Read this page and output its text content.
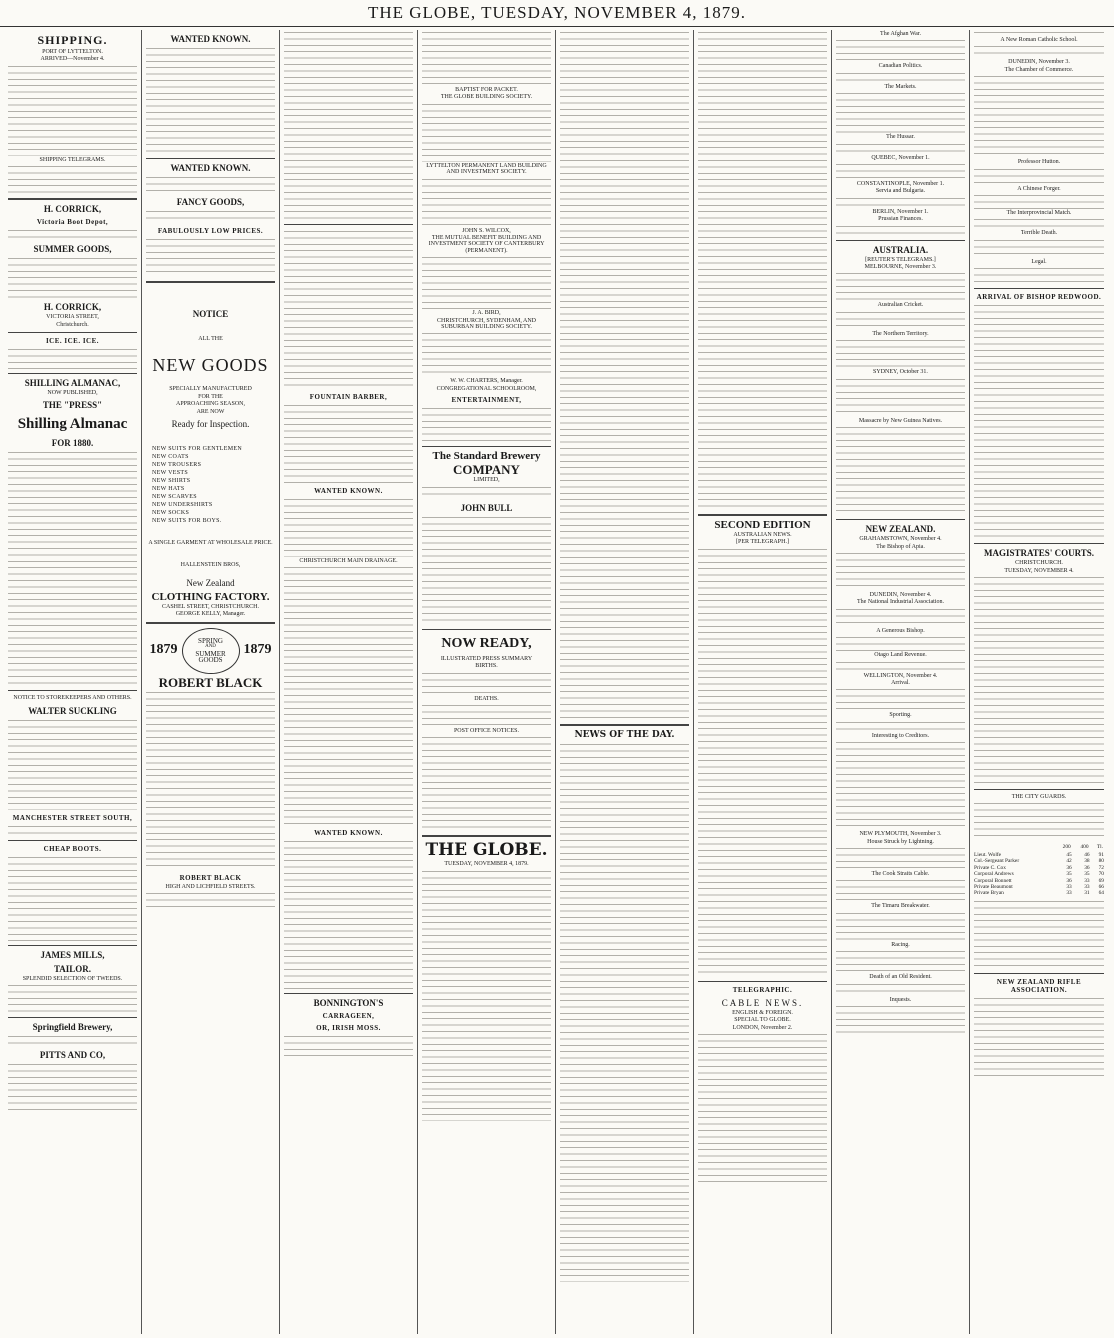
THE GLOBE, TUESDAY, NOVEMBER 4, 1879.
SHIPPING.
PORT OF LYTTELTON.
ARRIVED—November 4.
SHIPPING TELEGRAMS.
H. CORRICK,
Victoria Boot Depot,
SUMMER GOODS,
H. CORRICK,
VICTORIA STREET,
Christchurch.
ICE. ICE. ICE.
SHILLING ALMANAC,
NOW PUBLISHED,
THE "PRESS"
Shilling Almanac
FOR 1880.
NOTICE TO STOREKEEPERS AND OTHERS.
WALTER SUCKLING
MANCHESTER STREET SOUTH,
CHEAP BOOTS.
JAMES MILLS,
TAILOR.
SPLENDID SELECTION OF TWEEDS.
Springfield Brewery,
PITTS AND CO,
WANTED KNOWN.
WANTED KNOWN.
FANCY GOODS,
FABULOUSLY LOW PRICES.
NOTICE
ALL THE
NEW GOODS
SPECIALLY MANUFACTURED
FOR THE
APPROACHING SEASON,
ARE NOW
Ready for Inspection.
NEW SUITS FOR GENTLEMEN
NEW COATS
NEW TROUSERS
NEW VESTS
NEW SHIRTS
NEW HATS
NEW SCARVES
NEW UNDERSHIRTS
NEW SOCKS
NEW SUITS FOR BOYS.
A SINGLE GARMENT AT WHOLESALE PRICE.
HALLENSTEIN BROS,
New Zealand
CLOTHING FACTORY.
CASHEL STREET, CHRISTCHURCH.
GEORGE KELLY, Manager.
1879
SPRING
AND
SUMMER
GOODS
1879
ROBERT BLACK
ROBERT BLACK
HIGH AND LICHFIELD STREETS.
FOUNTAIN BARBER,
WANTED KNOWN.
CHRISTCHURCH MAIN DRAINAGE.
WANTED KNOWN.
BONNINGTON'S
CARRAGEEN,
OR, IRISH MOSS.
BAPTIST FOR PACKET.
THE GLOBE BUILDING SOCIETY.
LYTTELTON PERMANENT LAND BUILDING AND INVESTMENT SOCIETY.
JOHN S. WILCOX,
THE MUTUAL BENEFIT BUILDING AND INVESTMENT SOCIETY OF CANTERBURY (PERMANENT).
J. A. BIRD,
CHRISTCHURCH, SYDENHAM, AND SUBURBAN BUILDING SOCIETY.
W. W. CHARTERS, Manager.
CONGREGATIONAL SCHOOLROOM,
ENTERTAINMENT,
The Standard Brewery
COMPANY
LIMITED,
JOHN BULL
NOW READY,
ILLUSTRATED PRESS SUMMARY
BIRTHS.
DEATHS.
POST OFFICE NOTICES.
THE GLOBE.
TUESDAY, NOVEMBER 4, 1879.
NEWS OF THE DAY.
SECOND EDITION
AUSTRALIAN NEWS.
[PER TELEGRAPH.]
TELEGRAPHIC.
CABLE NEWS.
ENGLISH & FOREIGN.
SPECIAL TO GLOBE.
LONDON, November 2.
The Afghan War.
Canadian Politics.
The Markets.
The Hussar.
QUEBEC, November 1.
CONSTANTINOPLE, November 1.
Servia and Bulgaria.
BERLIN, November 1.
Prussian Finances.
AUSTRALIA.
[REUTER'S TELEGRAMS.]
MELBOURNE, November 3.
Australian Cricket.
The Northern Territory.
SYDNEY, October 31.
Massacre by New Guinea Natives.
NEW ZEALAND.
GRAHAMSTOWN, November 4.
The Bishop of Apia.
DUNEDIN, November 4.
The National Industrial Association.
A Generous Bishop.
Otago Land Revenue.
WELLINGTON, November 4.
Arrival.
Sporting.
Interesting to Creditors.
NEW PLYMOUTH, November 3.
House Struck by Lightning.
The Cook Straits Cable.
The Timaru Breakwater.
Racing.
Death of an Old Resident.
Inquests.
A New Roman Catholic School.
DUNEDIN, November 3.
The Chamber of Commerce.
Professor Hutton.
A Chinese Forger.
The Interprovincial Match.
Terrible Death.
Legal.
ARRIVAL OF BISHOP REDWOOD.
MAGISTRATES' COURTS.
CHRISTCHURCH.
TUESDAY, NOVEMBER 4.
THE CITY GUARDS.
	200	400	Tl.
Lieut. Wolfe	45	46	91
Col.-Sergeant Parker	42	38	80
Private C. Cox	36	36	72
Corporal Andrews	35	35	70
Corporal Bonnett	36	33	69
Private Beaumont	33	33	66
Private Bryan	33	31	64
NEW ZEALAND RIFLE ASSOCIATION.
